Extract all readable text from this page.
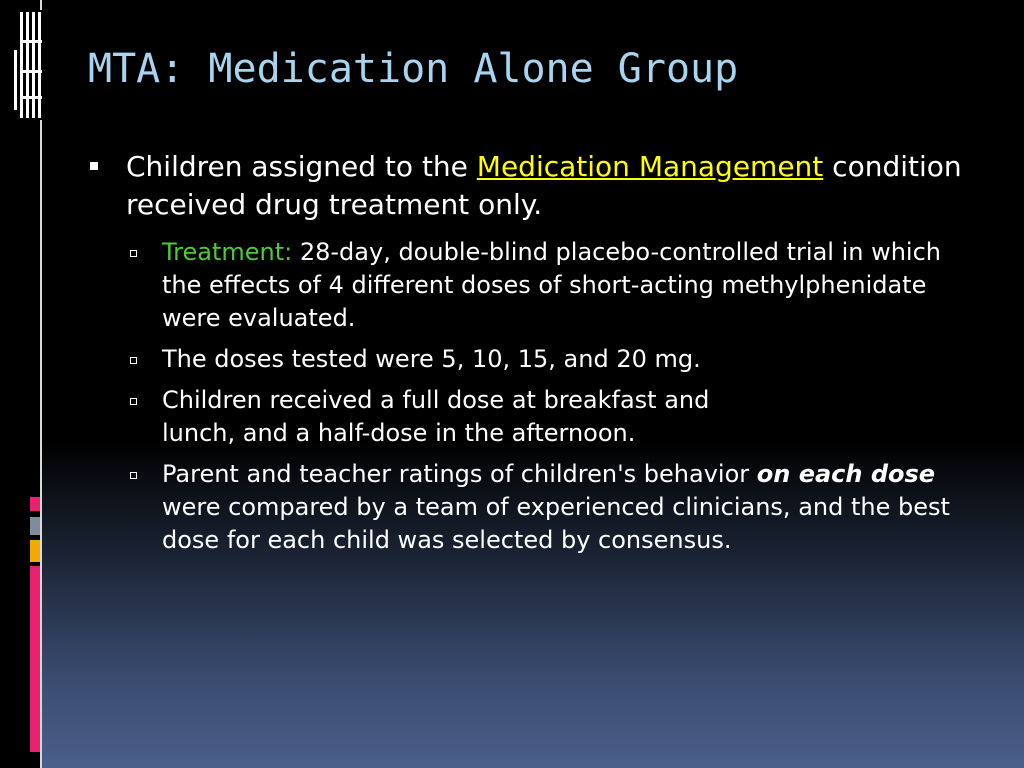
MTA: Medication Alone Group

Children assigned to the Medication Management condition received drug treatment only.

Treatment: 28-day, double-blind placebo-controlled trial in which the effects of 4 different doses of short-acting methylphenidate were evaluated.

The doses tested were 5, 10, 15, and 20 mg.

Children received a full dose at breakfast and
lunch, and a half-dose in the afternoon.

Parent and teacher ratings of children's behavior on each dose were compared by a team of experienced clinicians, and the best dose for each child was selected by consensus.
